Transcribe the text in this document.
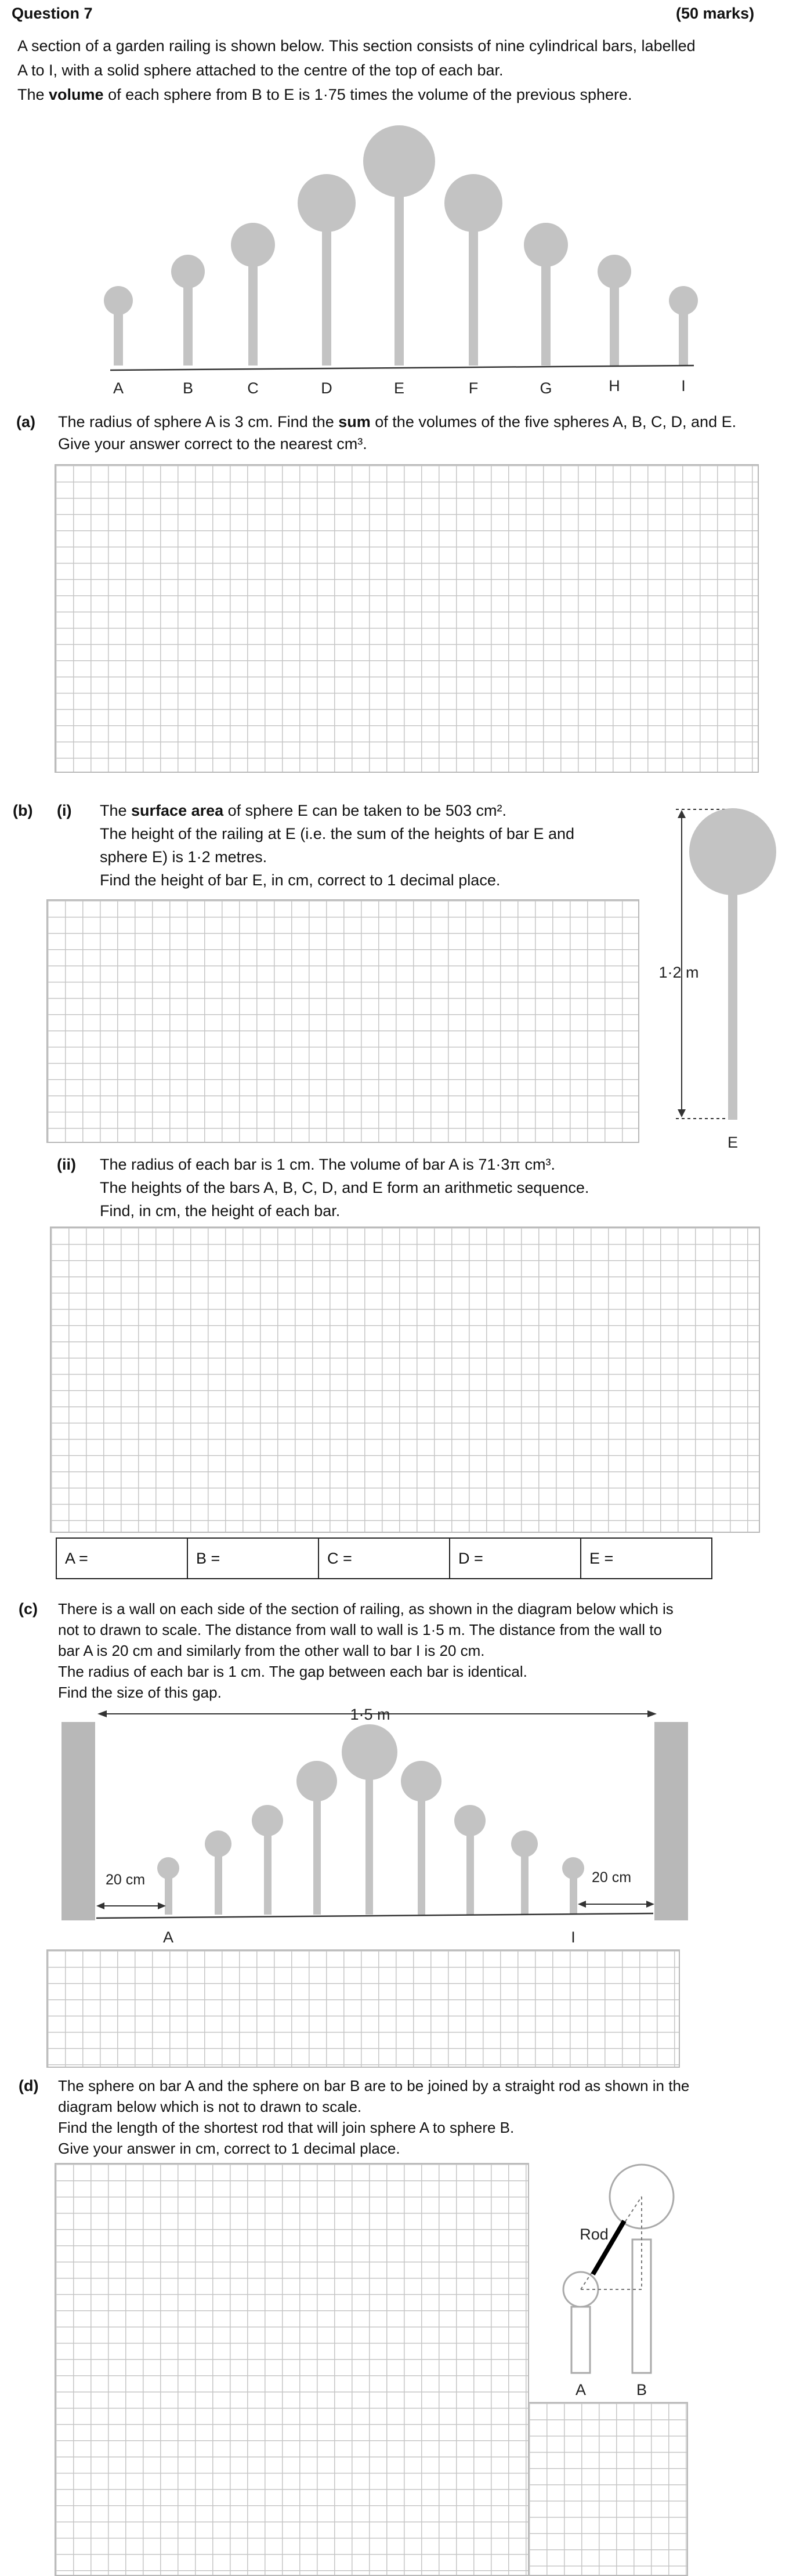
Question 7	(50 marks)
A section of a garden railing is shown below. This section consists of nine cylindrical bars, labelled
A to I, with a solid sphere attached to the centre of the top of each bar.
The volume of each sphere from B to E is 1·75 times the volume of the previous sphere.
A	B	C	D	E	F	G	H	I
(a) The radius of sphere A is 3 cm. Find the sum of the volumes of the five spheres A, B, C, D, and E.
Give your answer correct to the nearest cm³.
(b) (i) The surface area of sphere E can be taken to be 503 cm².
The height of the railing at E (i.e. the sum of the heights of bar E and
sphere E) is 1·2 metres.
Find the height of bar E, in cm, correct to 1 decimal place.
1·2 m
E
(ii) The radius of each bar is 1 cm. The volume of bar A is 71·3π cm³.
The heights of the bars A, B, C, D, and E form an arithmetic sequence.
Find, in cm, the height of each bar.
A =	B =	C =	D =	E =
(c) There is a wall on each side of the section of railing, as shown in the diagram below which is
not to drawn to scale. The distance from wall to wall is 1·5 m. The distance from the wall to
bar A is 20 cm and similarly from the other wall to bar I is 20 cm.
The radius of each bar is 1 cm. The gap between each bar is identical.
Find the size of this gap.
1·5 m
20 cm	20 cm
A	I
(d) The sphere on bar A and the sphere on bar B are to be joined by a straight rod as shown in the
diagram below which is not to drawn to scale.
Find the length of the shortest rod that will join sphere A to sphere B.
Give your answer in cm, correct to 1 decimal place.
Rod
A	B
